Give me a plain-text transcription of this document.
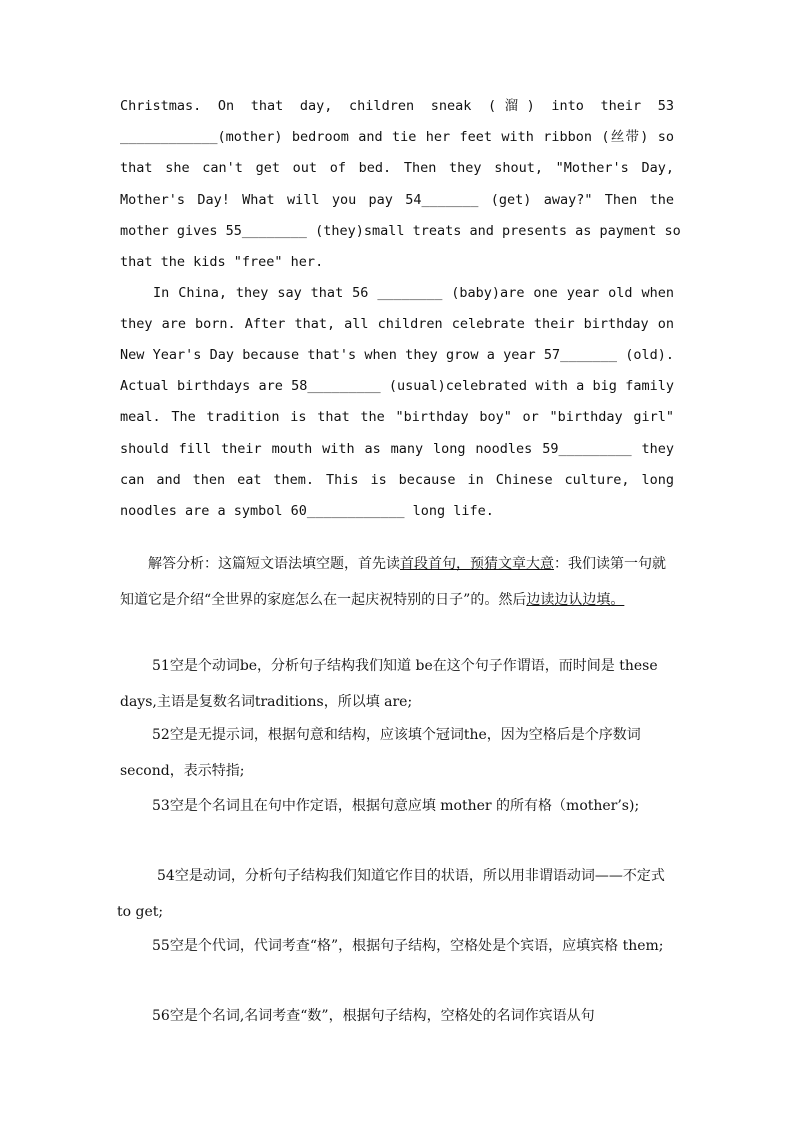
Christmas. On that day, children sneak (溜) into their 53
____________(mother) bedroom and tie her feet with ribbon (丝带) so
that she can't get out of bed. Then they shout, "Mother's Day,
Mother's Day! What will you pay 54_______ (get) away?" Then the
mother gives 55________ (they)small treats and presents as payment so
that the kids "free" her.
In China, they say that 56 ________ (baby)are one year old when
they are born. After that, all children celebrate their birthday on
New Year's Day because that's when they grow a year 57_______ (old).
Actual birthdays are 58_________ (usual)celebrated with a big family
meal. The tradition is that the "birthday boy" or "birthday girl"
should fill their mouth with as many long noodles 59_________ they
can and then eat them. This is because in Chinese culture, long
noodles are a symbol 60____________ long life.
解答分析：这篇短文语法填空题，首先读首段首句，预猜文章大意：我们读第一句就知道它是介绍“全世界的家庭怎么在一起庆祝特别的日子”的。然后边读边认边填。
51空是个动词be，分析句子结构我们知道 be在这个句子作谓语，而时间是 these days,主语是复数名词traditions，所以填 are;
52空是无提示词，根据句意和结构，应该填个冠词the，因为空格后是个序数词second，表示特指;
53空是个名词且在句中作定语，根据句意应填 mother 的所有格（mother’s);
54空是动词，分析句子结构我们知道它作目的状语，所以用非谓语动词——不定式 to get;
55空是个代词，代词考查“格”，根据句子结构，空格处是个宾语，应填宾格 them;
56空是个名词,名词考查“数”，根据句子结构，空格处的名词作宾语从句
